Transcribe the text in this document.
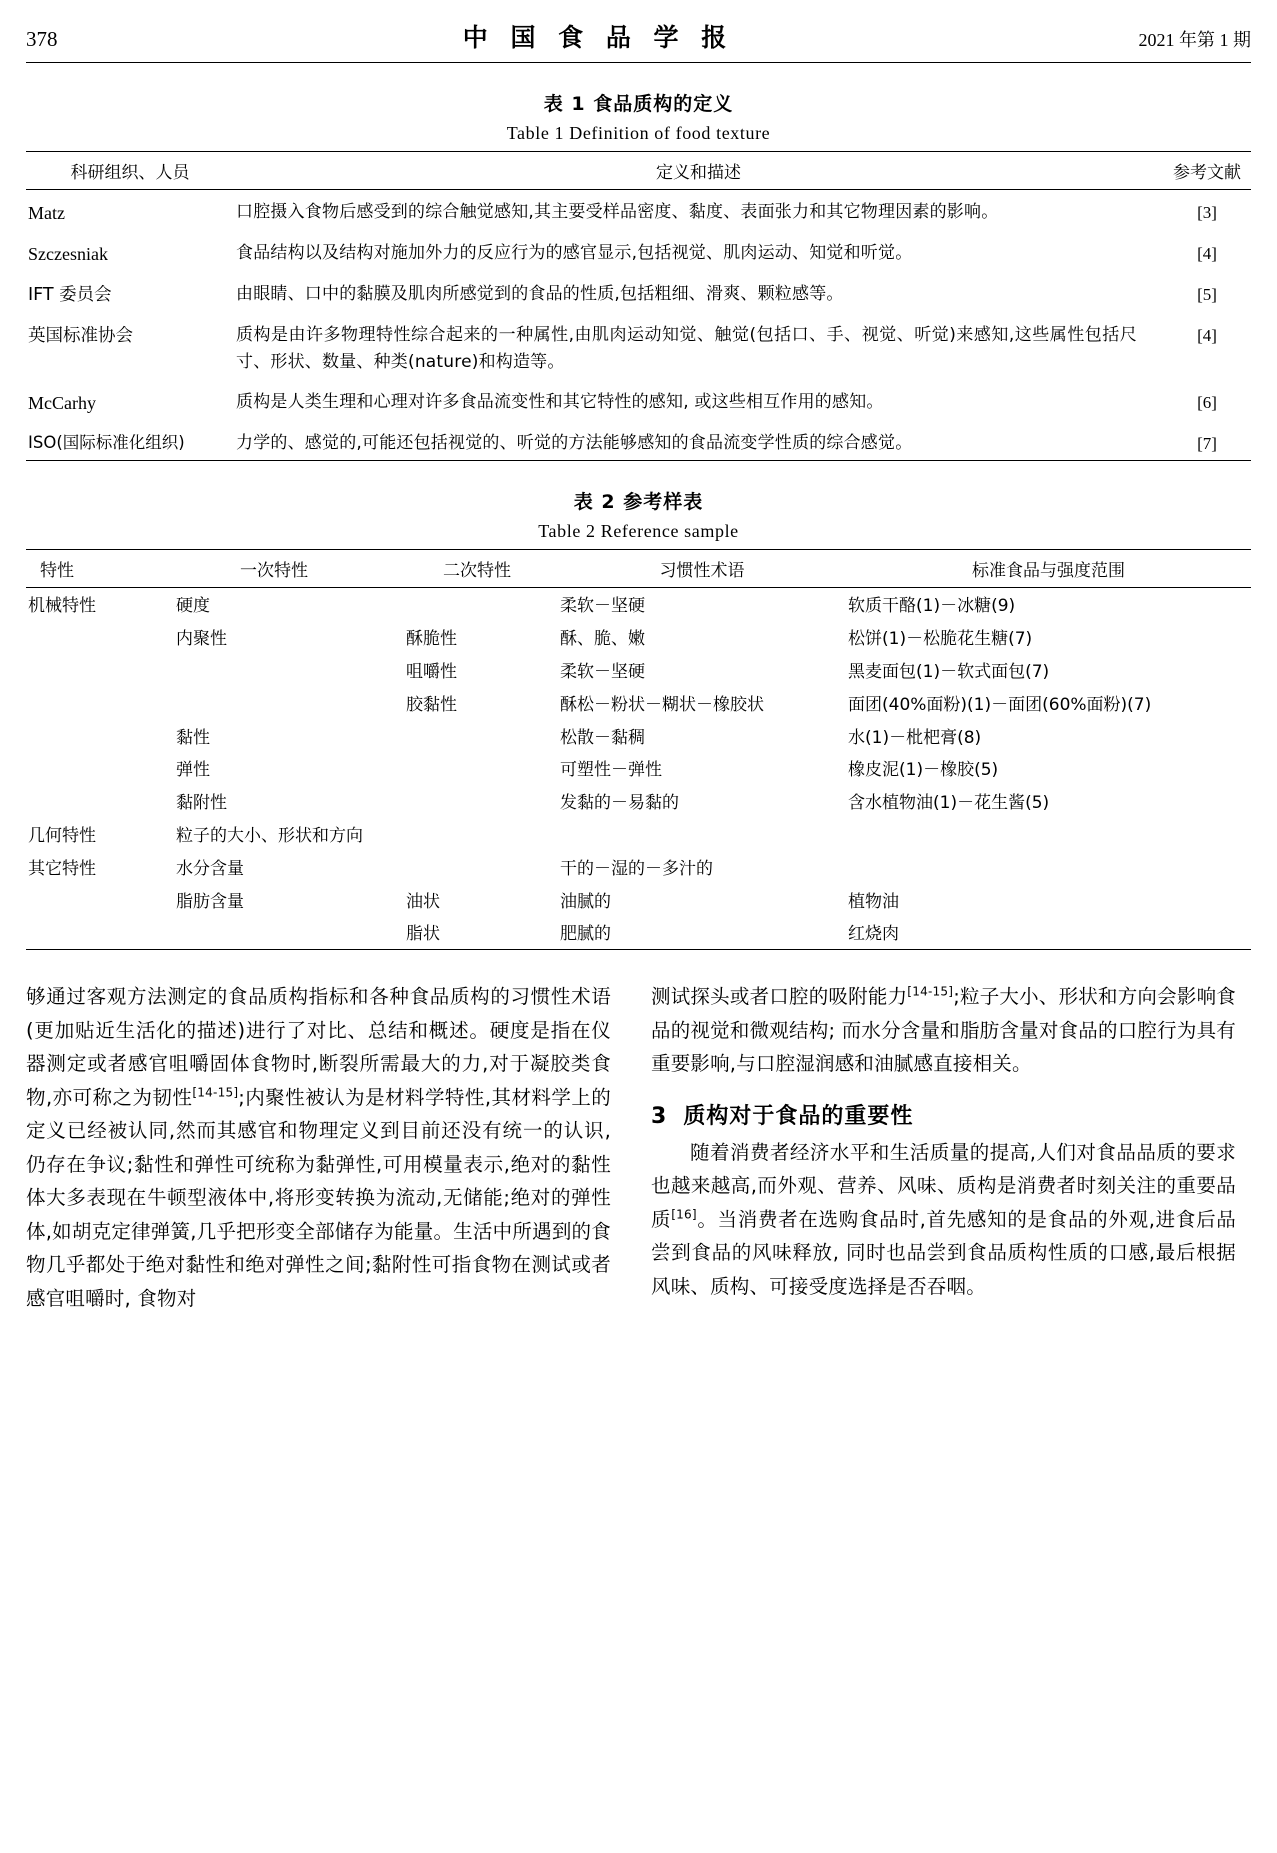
378	中 国 食 品 学 报	2021 年第 1 期
表 1 食品质构的定义
Table 1 Definition of food texture
科研组织、人员	定义和描述	参考文献
Matz	口腔摄入食物后感受到的综合触觉感知,其主要受样品密度、黏度、表面张力和其它物理因素的影响。	[3]
Szczesniak	食品结构以及结构对施加外力的反应行为的感官显示,包括视觉、肌肉运动、知觉和听觉。	[4]
IFT 委员会	由眼睛、口中的黏膜及肌肉所感觉到的食品的性质,包括粗细、滑爽、颗粒感等。	[5]
英国标准协会	质构是由许多物理特性综合起来的一种属性,由肌肉运动知觉、触觉(包括口、手、视觉、听觉)来感知,这些属性包括尺寸、形状、数量、种类(nature)和构造等。	[4]
McCarhy	质构是人类生理和心理对许多食品流变性和其它特性的感知, 或这些相互作用的感知。	[6]
ISO(国际标准化组织)	力学的、感觉的,可能还包括视觉的、听觉的方法能够感知的食品流变学性质的综合感觉。	[7]
表 2 参考样表
Table 2 Reference sample
特性	一次特性	二次特性	习惯性术语	标准食品与强度范围
机械特性	硬度		柔软－坚硬	软质干酪(1)－冰糖(9)
	内聚性	酥脆性	酥、脆、嫩	松饼(1)－松脆花生糖(7)
		咀嚼性	柔软－坚硬	黑麦面包(1)－软式面包(7)
		胶黏性	酥松－粉状－糊状－橡胶状	面团(40%面粉)(1)－面团(60%面粉)(7)
	黏性		松散－黏稠	水(1)－枇杷膏(8)
	弹性		可塑性－弹性	橡皮泥(1)－橡胶(5)
	黏附性		发黏的－易黏的	含水植物油(1)－花生酱(5)
几何特性	粒子的大小、形状和方向			
其它特性	水分含量		干的－湿的－多汁的	
	脂肪含量	油状	油腻的	植物油
		脂状	肥腻的	红烧肉

够通过客观方法测定的食品质构指标和各种食品质构的习惯性术语(更加贴近生活化的描述)进行了对比、总结和概述。硬度是指在仪器测定或者感官咀嚼固体食物时,断裂所需最大的力,对于凝胶类食物,亦可称之为韧性[14-15];内聚性被认为是材料学特性,其材料学上的定义已经被认同,然而其感官和物理定义到目前还没有统一的认识, 仍存在争议;黏性和弹性可统称为黏弹性,可用模量表示,绝对的黏性体大多表现在牛顿型液体中,将形变转换为流动,无储能;绝对的弹性体,如胡克定律弹簧,几乎把形变全部储存为能量。生活中所遇到的食物几乎都处于绝对黏性和绝对弹性之间;黏附性可指食物在测试或者感官咀嚼时, 食物对

测试探头或者口腔的吸附能力[14-15];粒子大小、形状和方向会影响食品的视觉和微观结构; 而水分含量和脂肪含量对食品的口腔行为具有重要影响,与口腔湿润感和油腻感直接相关。

3 质构对于食品的重要性

随着消费者经济水平和生活质量的提高,人们对食品品质的要求也越来越高,而外观、营养、风味、质构是消费者时刻关注的重要品质[16]。当消费者在选购食品时,首先感知的是食品的外观,进食后品尝到食品的风味释放, 同时也品尝到食品质构性质的口感,最后根据风味、质构、可接受度选择是否吞咽。
